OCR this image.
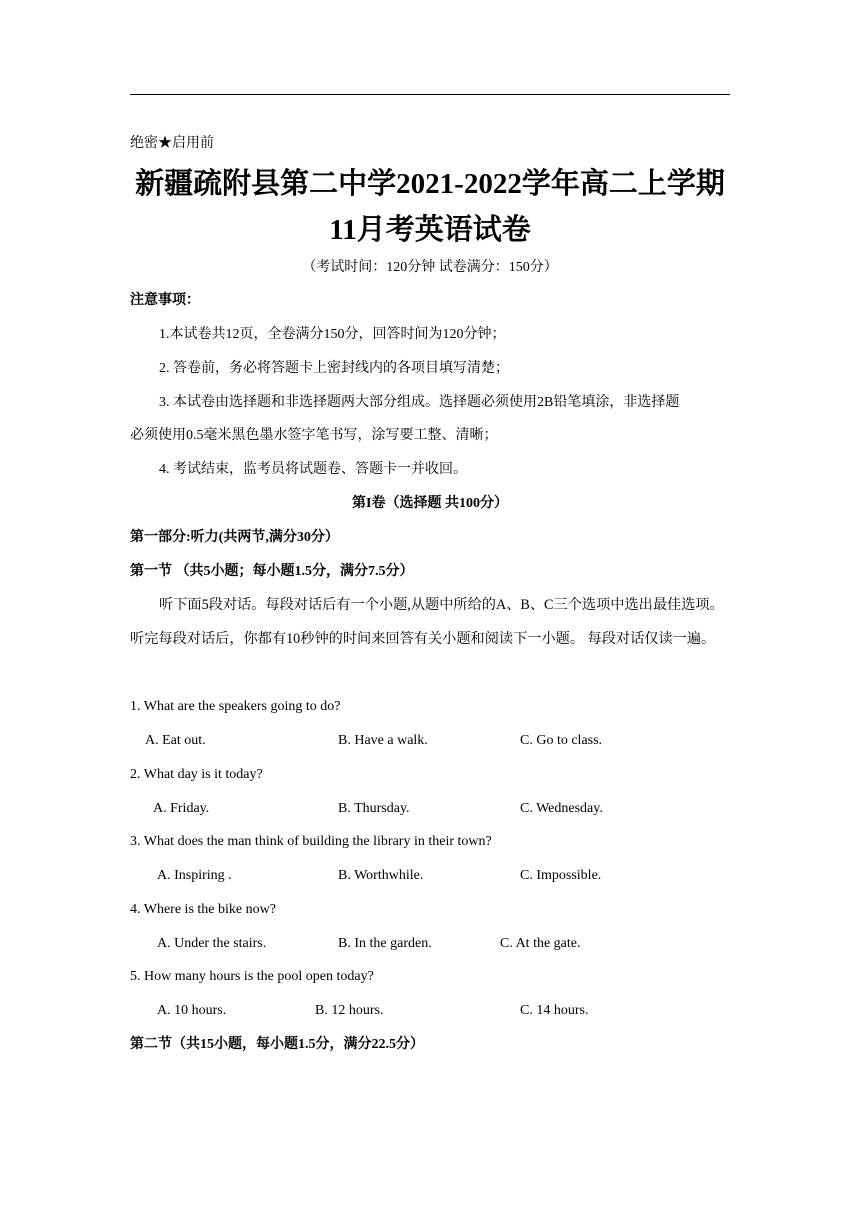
绝密★启用前
新疆疏附县第二中学2021-2022学年高二上学期
11月考英语试卷
（考试时间：120分钟 试卷满分：150分）
注意事项：
1.本试卷共12页，全卷满分150分，回答时间为120分钟；
2. 答卷前，务必将答题卡上密封线内的各项目填写清楚；
3. 本试卷由选择题和非选择题两大部分组成。选择题必须使用2B铅笔填涂，非选择题
必须使用0.5毫米黑色墨水签字笔书写，涂写要工整、清晰；
4. 考试结束，监考员将试题卷、答题卡一并收回。
第I卷（选择题 共100分）
第一部分:听力(共两节,满分30分）
第一节 （共5小题；每小题1.5分，满分7.5分）
听下面5段对话。每段对话后有一个小题,从题中所给的A、B、C三个选项中选出最佳选项。听完每段对话后，你都有10秒钟的时间来回答有关小题和阅读下一小题。 每段对话仅读一遍。
1. What are the speakers going to do?
A. Eat out.	B. Have a walk.	C. Go to class.
2. What day is it today?
A. Friday.	B. Thursday.	C. Wednesday.
3. What does the man think of building the library in their town?
A. Inspiring .	B. Worthwhile.	C. Impossible.
4. Where is the bike now?
A. Under the stairs.	B. In the garden.	C. At the gate.
5. How many hours is the pool open today?
A. 10 hours.	B. 12 hours.	C. 14 hours.
第二节（共15小题，每小题1.5分，满分22.5分）
